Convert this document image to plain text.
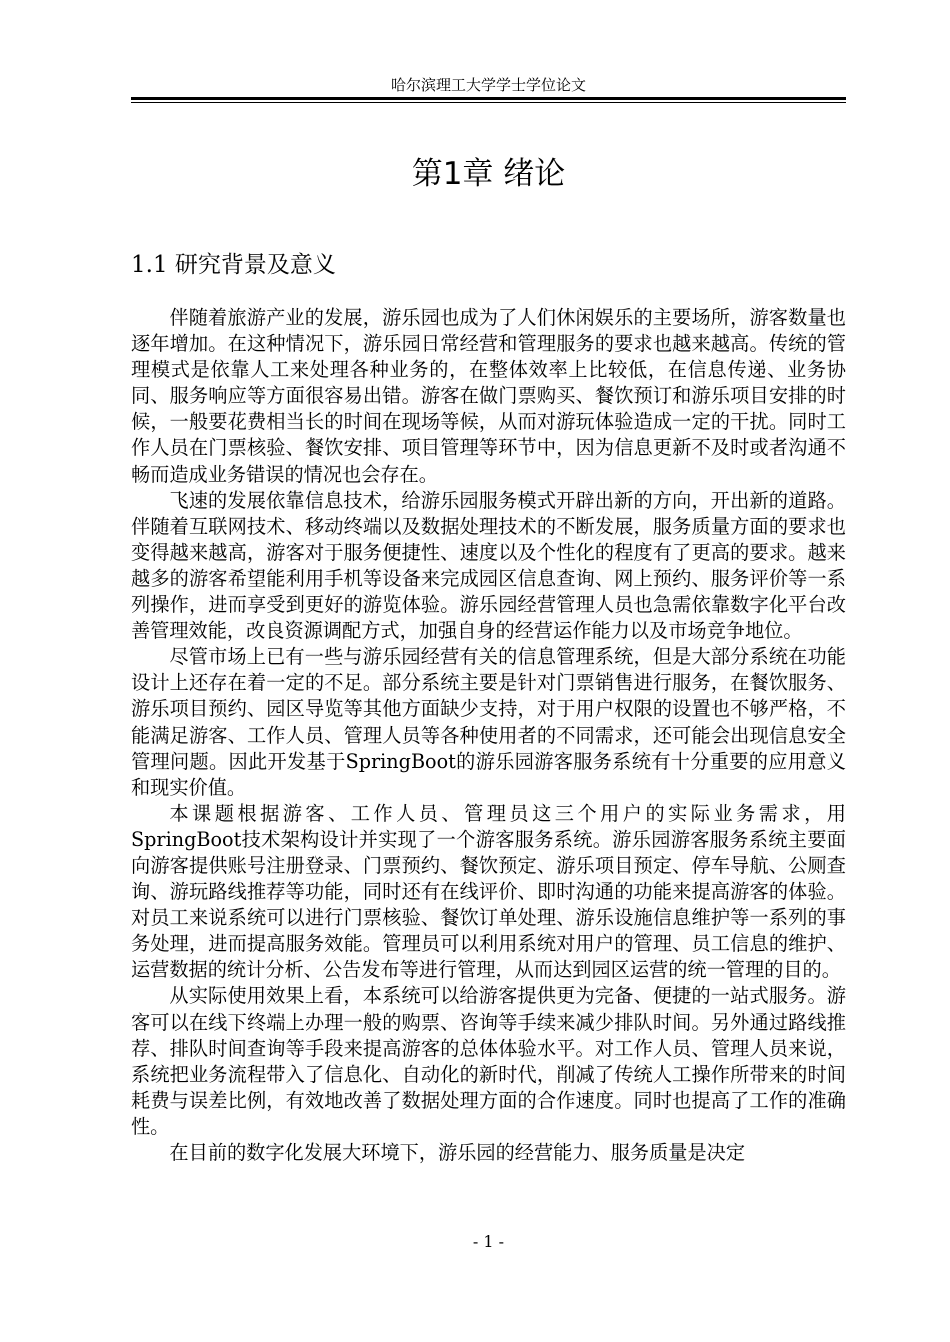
哈尔滨理工大学学士学位论文
第1章 绪论
1.1 研究背景及意义

伴随着旅游产业的发展，游乐园也成为了人们休闲娱乐的主要场所，游客数量也逐年增加。在这种情况下，游乐园日常经营和管理服务的要求也越来越高。传统的管理模式是依靠人工来处理各种业务的，在整体效率上比较低，在信息传递、业务协同、服务响应等方面很容易出错。游客在做门票购买、餐饮预订和游乐项目安排的时候，一般要花费相当长的时间在现场等候，从而对游玩体验造成一定的干扰。同时工作人员在门票核验、餐饮安排、项目管理等环节中，因为信息更新不及时或者沟通不畅而造成业务错误的情况也会存在。

飞速的发展依靠信息技术，给游乐园服务模式开辟出新的方向，开出新的道路。伴随着互联网技术、移动终端以及数据处理技术的不断发展，服务质量方面的要求也变得越来越高，游客对于服务便捷性、速度以及个性化的程度有了更高的要求。越来越多的游客希望能利用手机等设备来完成园区信息查询、网上预约、服务评价等一系列操作，进而享受到更好的游览体验。游乐园经营管理人员也急需依靠数字化平台改善管理效能，改良资源调配方式，加强自身的经营运作能力以及市场竞争地位。

尽管市场上已有一些与游乐园经营有关的信息管理系统，但是大部分系统在功能设计上还存在着一定的不足。部分系统主要是针对门票销售进行服务，在餐饮服务、游乐项目预约、园区导览等其他方面缺少支持，对于用户权限的设置也不够严格，不能满足游客、工作人员、管理人员等各种使用者的不同需求，还可能会出现信息安全管理问题。因此开发基于SpringBoot的游乐园游客服务系统有十分重要的应用意义和现实价值。

本课题根据游客、工作人员、管理员这三个用户的实际业务需求，用SpringBoot技术架构设计并实现了一个游客服务系统。游乐园游客服务系统主要面向游客提供账号注册登录、门票预约、餐饮预定、游乐项目预定、停车导航、公厕查询、游玩路线推荐等功能，同时还有在线评价、即时沟通的功能来提高游客的体验。对员工来说系统可以进行门票核验、餐饮订单处理、游乐设施信息维护等一系列的事务处理，进而提高服务效能。管理员可以利用系统对用户的管理、员工信息的维护、运营数据的统计分析、公告发布等进行管理，从而达到园区运营的统一管理的目的。

从实际使用效果上看，本系统可以给游客提供更为完备、便捷的一站式服务。游客可以在线下终端上办理一般的购票、咨询等手续来减少排队时间。另外通过路线推荐、排队时间查询等手段来提高游客的总体体验水平。对工作人员、管理人员来说，系统把业务流程带入了信息化、自动化的新时代，削减了传统人工操作所带来的时间耗费与误差比例，有效地改善了数据处理方面的合作速度。同时也提高了工作的准确性。

在目前的数字化发展大环境下，游乐园的经营能力、服务质量是决定

- 1 -
